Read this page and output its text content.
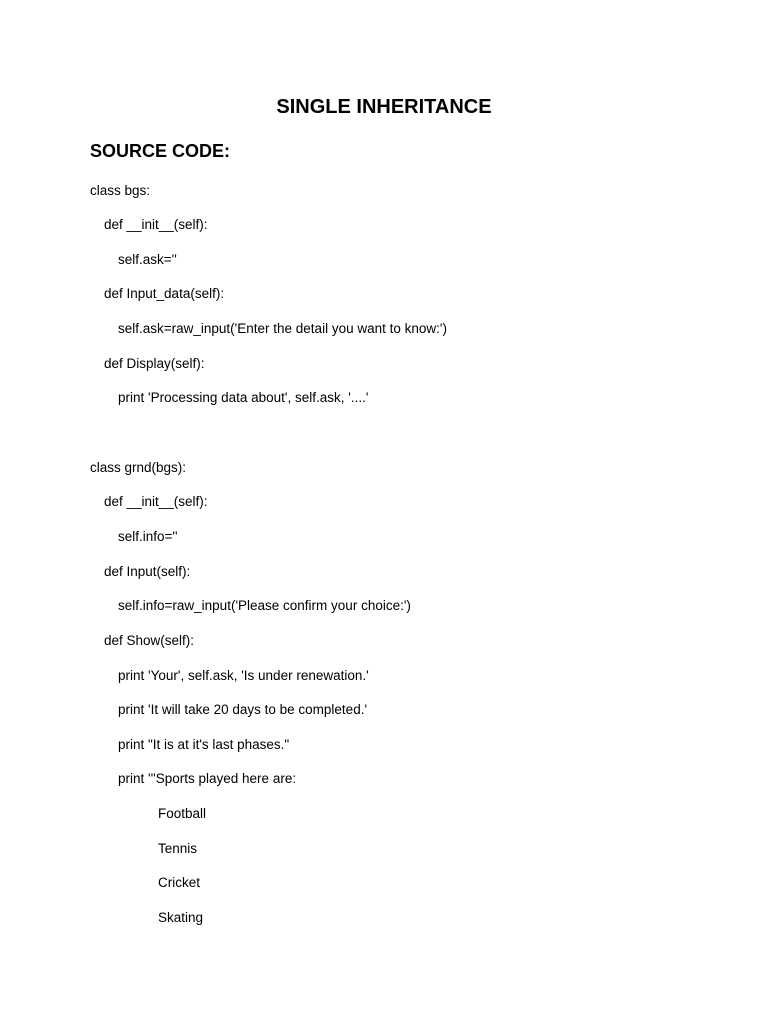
SINGLE INHERITANCE
SOURCE CODE:

class bgs:

def __init__(self):

self.ask=''

def Input_data(self):

self.ask=raw_input('Enter the detail you want to know:')

def Display(self):

print 'Processing data about', self.ask, '....'

class grnd(bgs):

def __init__(self):

self.info=''

def Input(self):

self.info=raw_input('Please confirm your choice:')

def Show(self):

print 'Your', self.ask, 'Is under renewation.'

print 'It will take 20 days to be completed.'

print "It is at it's last phases."

print '''Sports played here are:

Football

Tennis

Cricket

Skating
